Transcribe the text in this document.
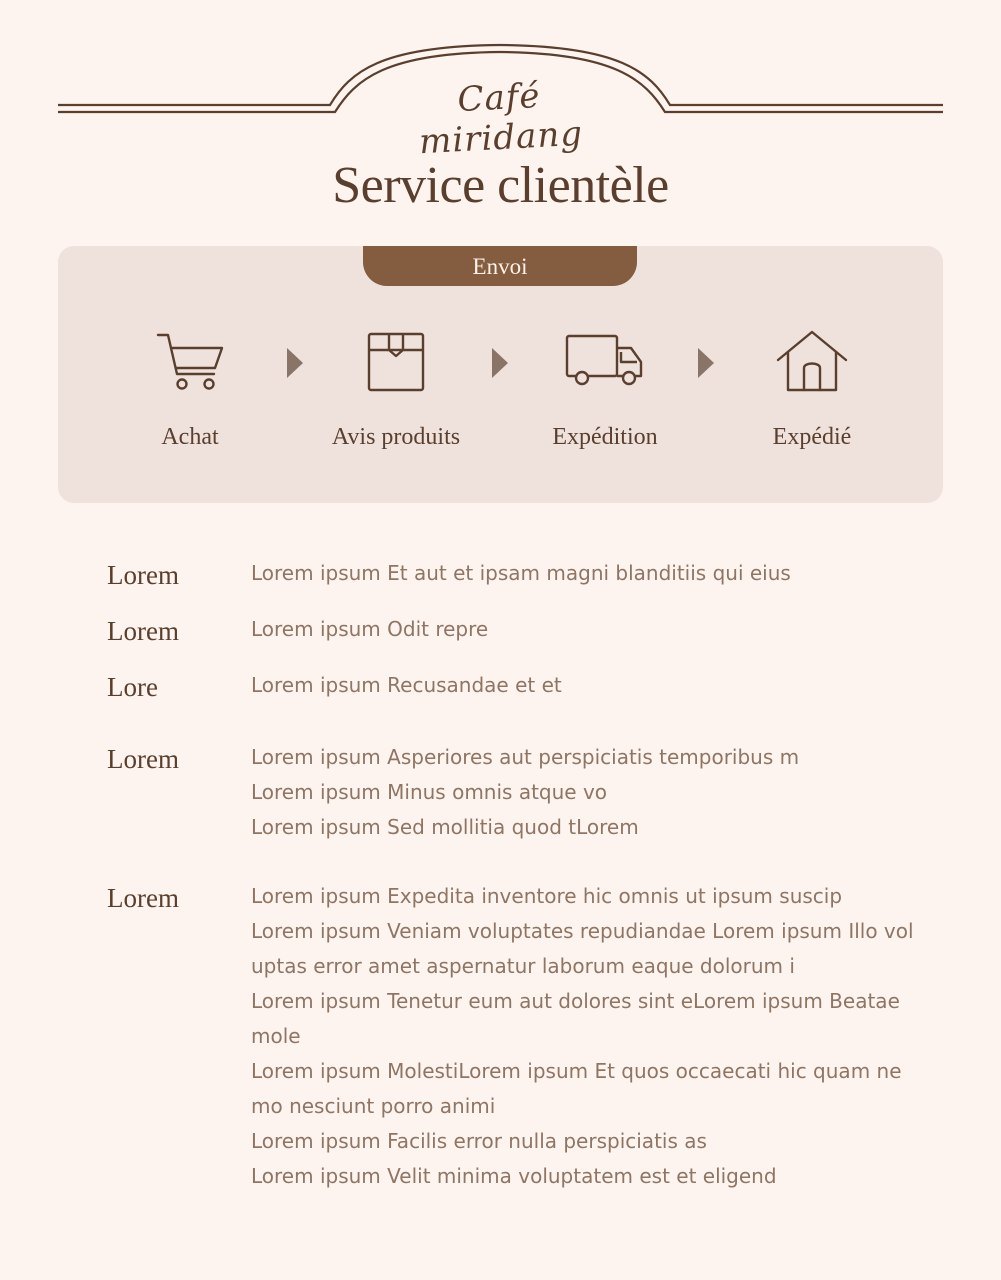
Café miridang
Service clientèle
Envoi
Achat	Avis produits	Expédition	Expédié
Lorem	Lorem ipsum Et aut et ipsam magni blanditiis qui eius
Lorem	Lorem ipsum Odit repre
Lore	Lorem ipsum Recusandae et et
Lorem	Lorem ipsum Asperiores aut perspiciatis temporibus m
Lorem ipsum Minus omnis atque vo
Lorem ipsum Sed mollitia quod tLorem
Lorem	Lorem ipsum Expedita inventore hic omnis ut ipsum suscip
Lorem ipsum Veniam voluptates repudiandae Lorem ipsum Illo vol
uptas error amet aspernatur laborum eaque dolorum i
Lorem ipsum Tenetur eum aut dolores sint eLorem ipsum Beatae
mole
Lorem ipsum MolestiLorem ipsum Et quos occaecati hic quam ne
mo nesciunt porro animi
Lorem ipsum Facilis error nulla perspiciatis as
Lorem ipsum Velit minima voluptatem est et eligend
